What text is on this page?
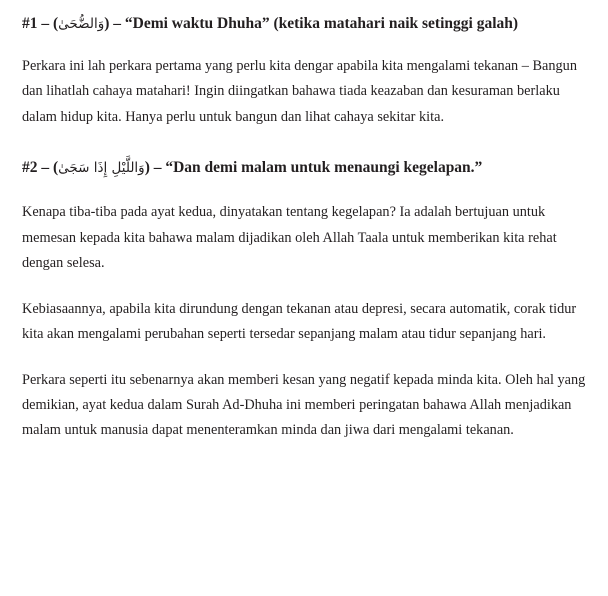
#1 – (وَالضُّحَىٰ) – “Demi waktu Dhuha” (ketika matahari naik setinggi galah)

Perkara ini lah perkara pertama yang perlu kita dengar apabila kita mengalami tekanan – Bangun dan lihatlah cahaya matahari! Ingin diingatkan bahawa tiada keazaban dan kesuraman berlaku dalam hidup kita. Hanya perlu untuk bangun dan lihat cahaya sekitar kita.

#2 – (وَاللَّيْلِ إِذَا سَجَىٰ) – “Dan demi malam untuk menaungi kegelapan.”

Kenapa tiba-tiba pada ayat kedua, dinyatakan tentang kegelapan? Ia adalah bertujuan untuk memesan kepada kita bahawa malam dijadikan oleh Allah Taala untuk memberikan kita rehat dengan selesa.

Kebiasaannya, apabila kita dirundung dengan tekanan atau depresi, secara automatik, corak tidur kita akan mengalami perubahan seperti tersedar sepanjang malam atau tidur sepanjang hari.

Perkara seperti itu sebenarnya akan memberi kesan yang negatif kepada minda kita. Oleh hal yang demikian, ayat kedua dalam Surah Ad-Dhuha ini memberi peringatan bahawa Allah menjadikan malam untuk manusia dapat menenteramkan minda dan jiwa dari mengalami tekanan.
